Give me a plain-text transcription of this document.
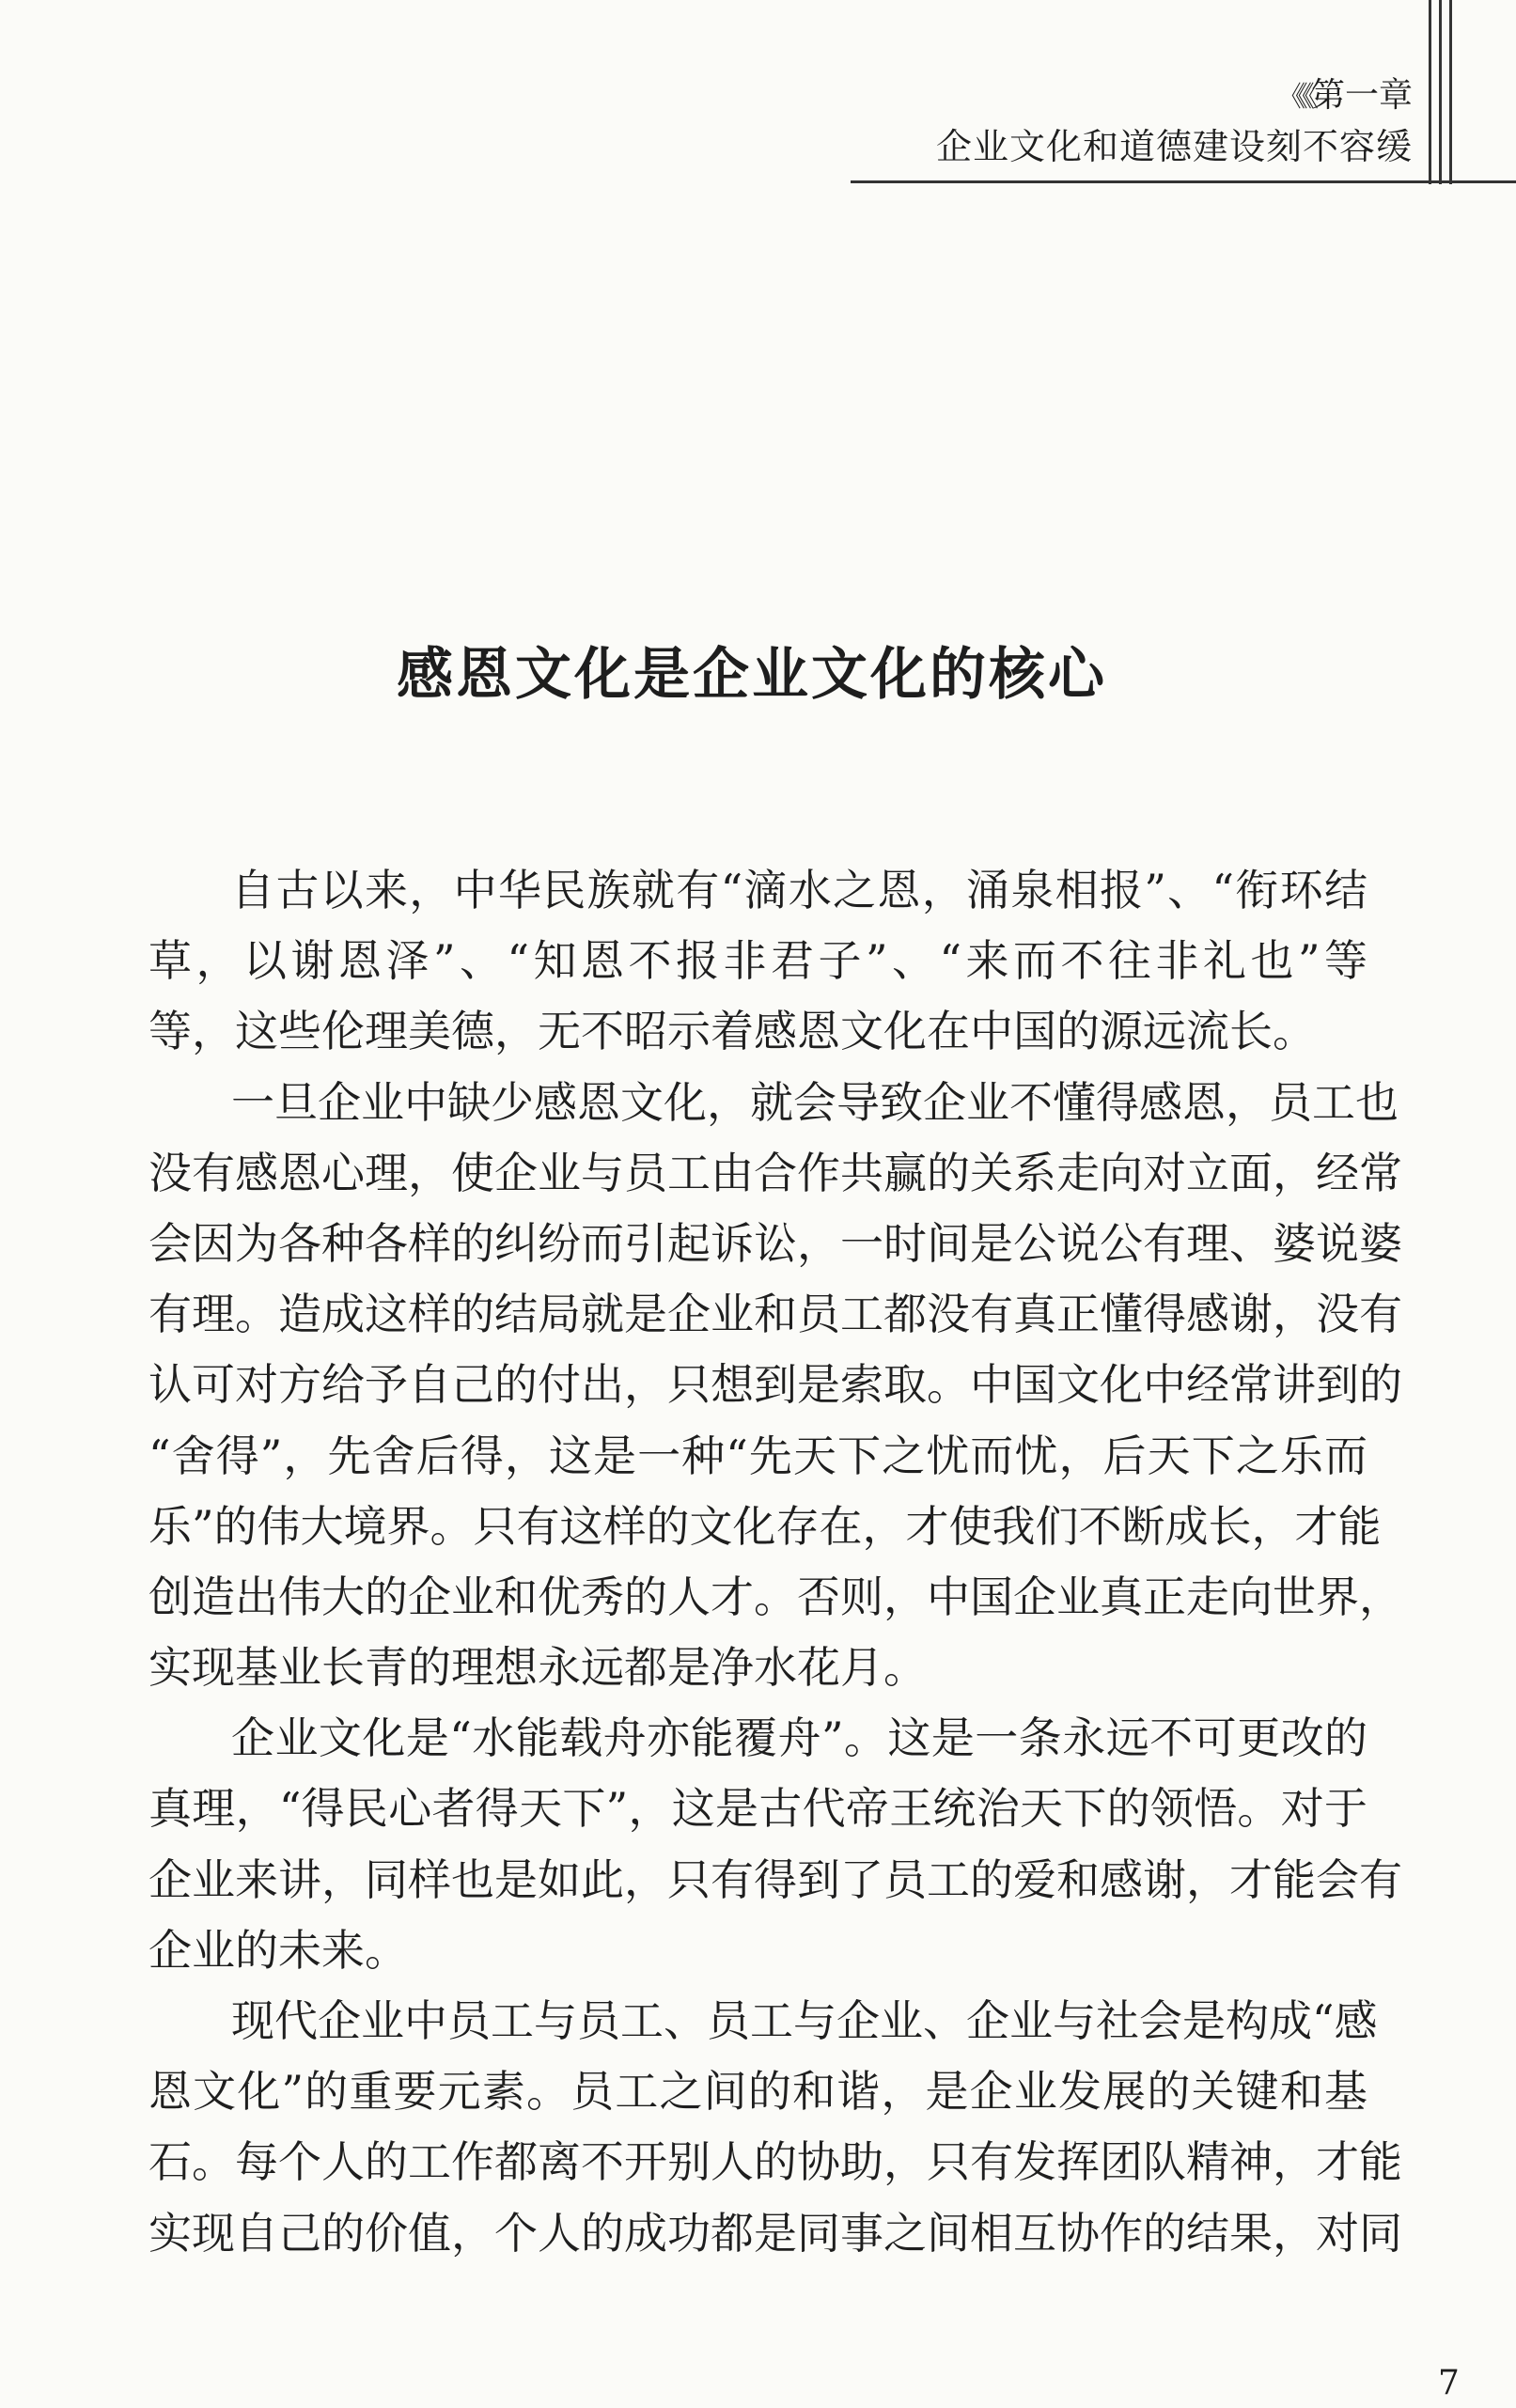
《《《第一章
企业文化和道德建设刻不容缓
感恩文化是企业文化的核心
自古以来，中华民族就有“滴水之恩，涌泉相报”、“衔环结
草，以谢恩泽”、“知恩不报非君子”、“来而不往非礼也”等
等，这些伦理美德，无不昭示着感恩文化在中国的源远流长。
一旦企业中缺少感恩文化，就会导致企业不懂得感恩，员工也
没有感恩心理，使企业与员工由合作共赢的关系走向对立面，经常
会因为各种各样的纠纷而引起诉讼，一时间是公说公有理、婆说婆
有理。造成这样的结局就是企业和员工都没有真正懂得感谢，没有
认可对方给予自己的付出，只想到是索取。中国文化中经常讲到的
“舍得”，先舍后得，这是一种“先天下之忧而忧，后天下之乐而
乐”的伟大境界。只有这样的文化存在，才使我们不断成长，才能
创造出伟大的企业和优秀的人才。否则，中国企业真正走向世界，
实现基业长青的理想永远都是净水花月。
企业文化是“水能载舟亦能覆舟”。这是一条永远不可更改的
真理，“得民心者得天下”，这是古代帝王统治天下的领悟。对于
企业来讲，同样也是如此，只有得到了员工的爱和感谢，才能会有
企业的未来。
现代企业中员工与员工、员工与企业、企业与社会是构成“感
恩文化”的重要元素。员工之间的和谐，是企业发展的关键和基
石。每个人的工作都离不开别人的协助，只有发挥团队精神，才能
实现自己的价值，个人的成功都是同事之间相互协作的结果，对同
7
